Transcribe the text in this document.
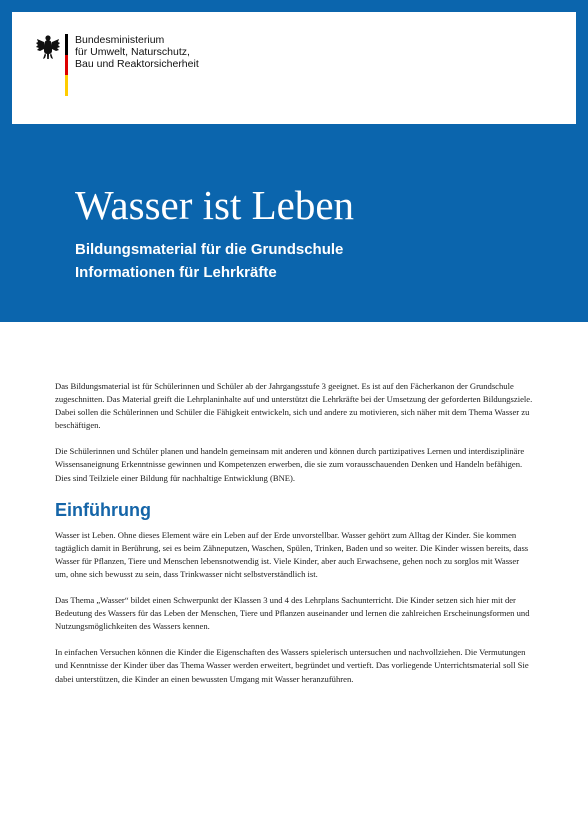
Bundesministerium
für Umwelt, Naturschutz,
Bau und Reaktorsicherheit
Wasser ist Leben
Bildungsmaterial für die Grundschule
Informationen für Lehrkräfte

Das Bildungsmaterial ist für Schülerinnen und Schüler ab der Jahrgangsstufe 3 geeignet. Es ist auf den Fächerkanon der Grundschule zugeschnitten. Das Material greift die Lehrplaninhalte auf und unterstützt die Lehrkräfte bei der Umsetzung der geforderten Bildungsziele. Dabei sollen die Schülerinnen und Schüler die Fähigkeit entwickeln, sich und andere zu motivieren, sich näher mit dem Thema Wasser zu beschäftigen.

Die Schülerinnen und Schüler planen und handeln gemeinsam mit anderen und können durch partizipatives Lernen und interdisziplinäre Wissensaneignung Erkenntnisse gewinnen und Kompetenzen erwerben, die sie zum vorausschauenden Denken und Handeln befähigen. Dies sind Teilziele einer Bildung für nachhaltige Entwicklung (BNE).

Einführung

Wasser ist Leben. Ohne dieses Element wäre ein Leben auf der Erde unvorstellbar. Wasser gehört zum Alltag der Kinder. Sie kommen tagtäglich damit in Berührung, sei es beim Zähneputzen, Waschen, Spülen, Trinken, Baden und so weiter. Die Kinder wissen bereits, dass Wasser für Pflanzen, Tiere und Menschen lebensnotwendig ist. Viele Kinder, aber auch Erwachsene, gehen noch zu sorglos mit Wasser um, ohne sich bewusst zu sein, dass Trinkwasser nicht selbstverständlich ist.

Das Thema „Wasser“ bildet einen Schwerpunkt der Klassen 3 und 4 des Lehrplans Sachunterricht. Die Kinder setzen sich hier mit der Bedeutung des Wassers für das Leben der Menschen, Tiere und Pflanzen auseinander und lernen die zahlreichen Erscheinungsformen und Nutzungsmöglichkeiten des Wassers kennen.

In einfachen Versuchen können die Kinder die Eigenschaften des Wassers spielerisch untersuchen und nachvollziehen. Die Vermutungen und Kenntnisse der Kinder über das Thema Wasser werden erweitert, begründet und vertieft. Das vorliegende Unterrichtsmaterial soll Sie dabei unterstützen, die Kinder an einen bewussten Umgang mit Wasser heranzuführen.
